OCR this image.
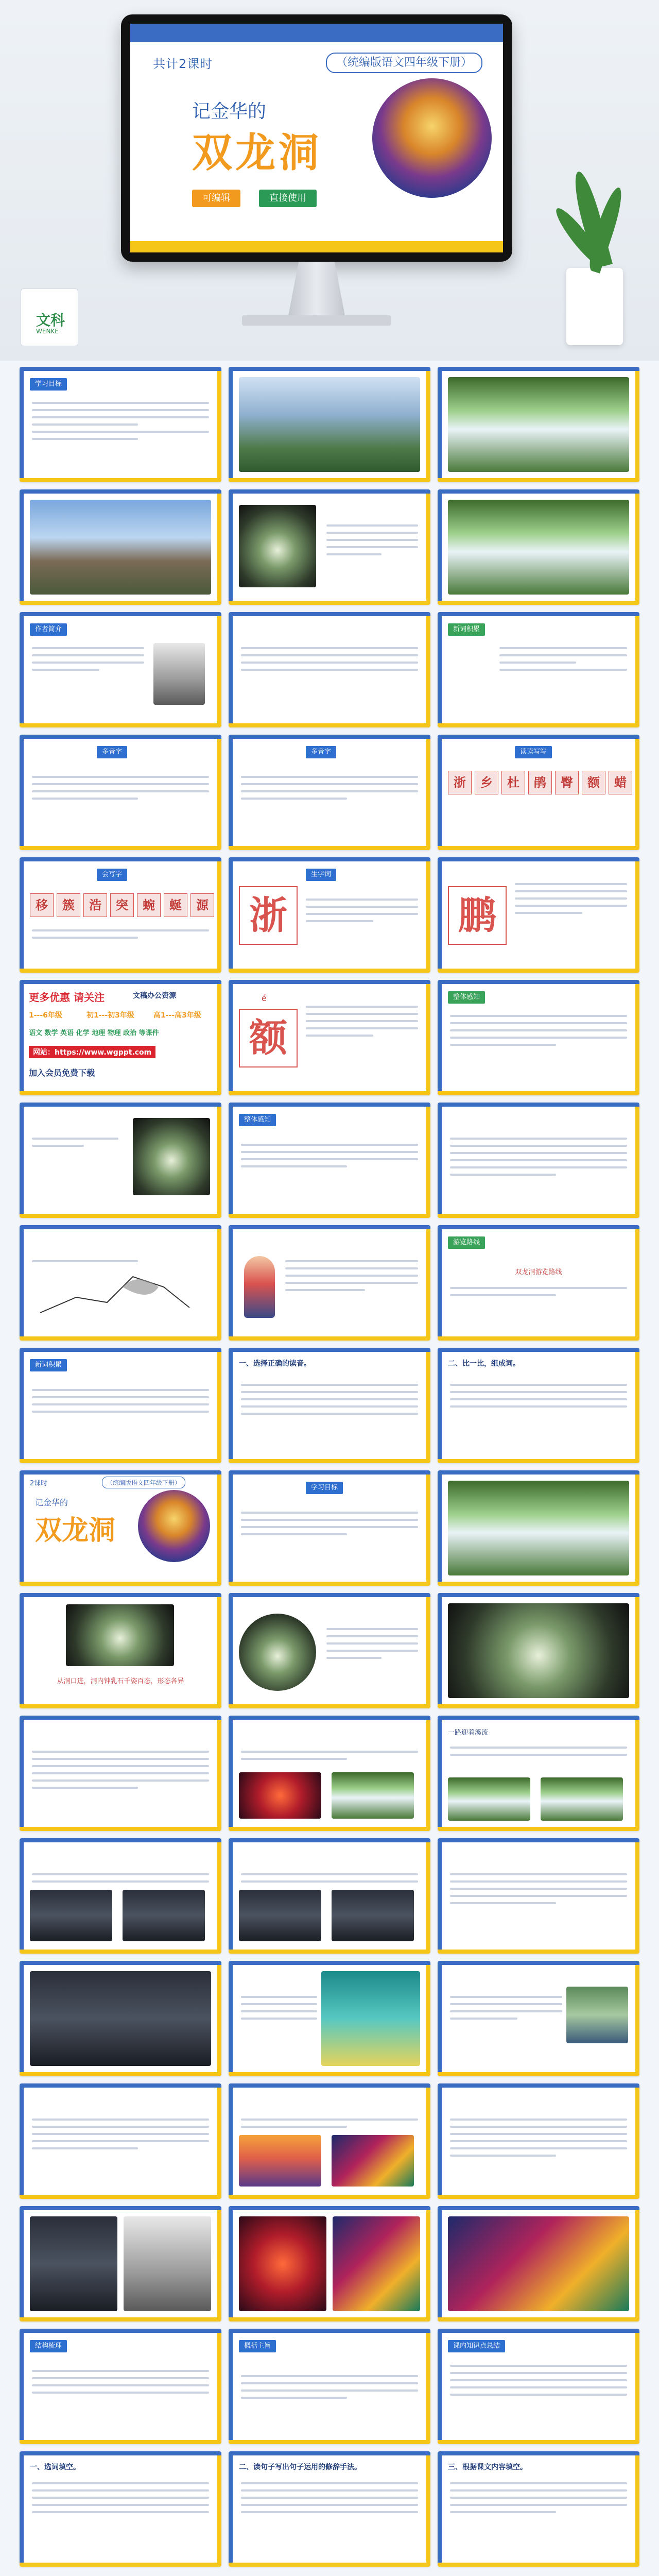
共计2课时	（统编版语文四年级下册）
记金华的
双龙洞
可编辑	直接使用
文科
WENKE
学习目标
作者简介	新词积累
多音字	多音字	读读写写
浙	乡	杜	鹃	臀	额	蜡
会写字
移	簇	浩	突	蜿	蜒	源 浙
生字词
鹏
更多优惠 请关注	文稿办公资源
1---6年级	初1---初3年级	高1---高3年级
语文 数学 英语 化学 地理 物理 政治 等课件
网站：https://www.wgppt.com
加入会员免费下载
é
额
整体感知
整体感知
游览路线
双龙洞游览路线
新词积累	一、选择正确的读音。	二、比一比，组成词。
2课时	（统编版语文四年级下册）
记金华的
双龙洞
学习目标
从洞口进，洞内钟乳石千姿百态，形态各异
一路迎着溪流
结构梳理	概括主旨	课内知识点总结
一、选词填空。	二、读句子写出句子运用的修辞手法。	三、根据课文内容填空。
